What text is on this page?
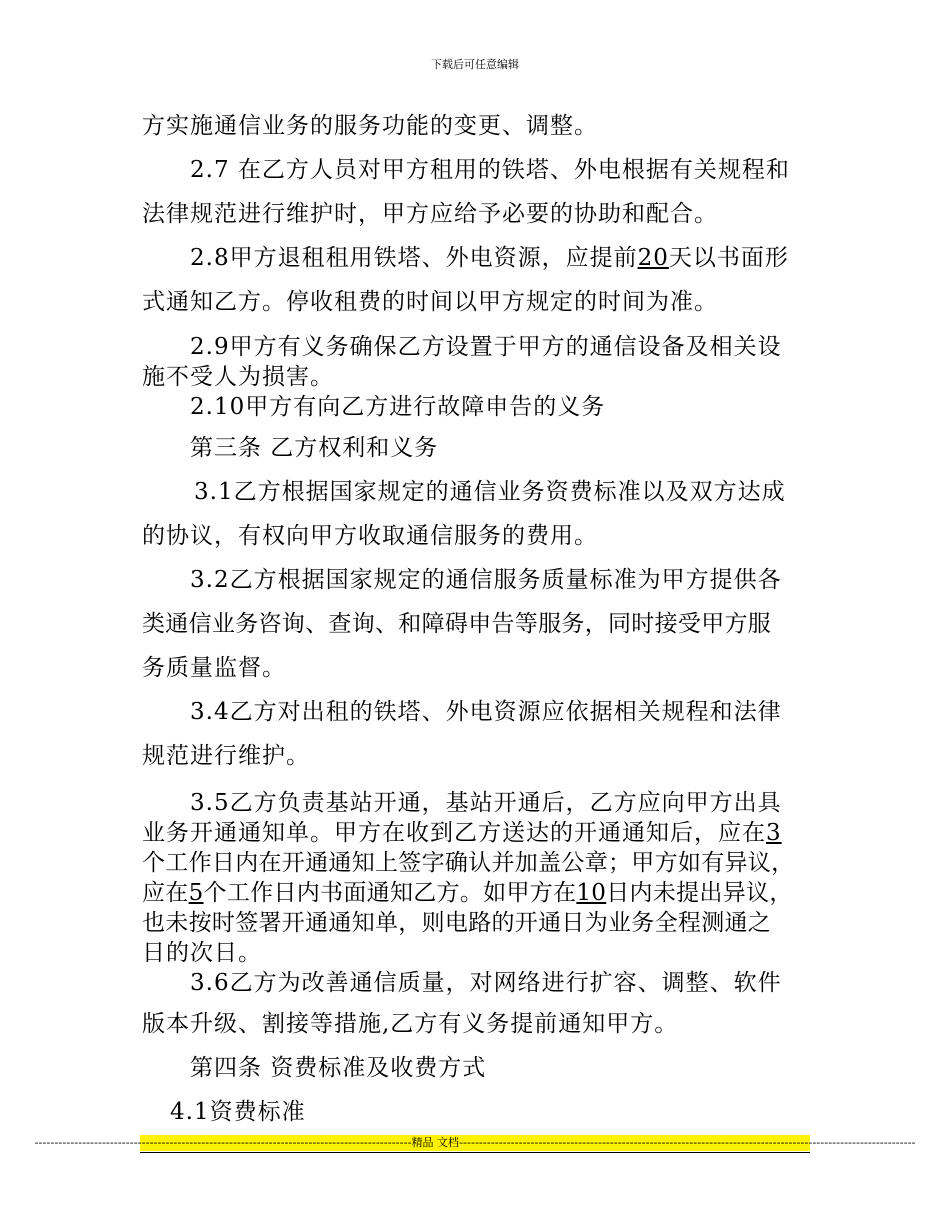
下载后可任意编辑
方实施通信业务的服务功能的变更、调整。
2.7 在乙方人员对甲方租用的铁塔、外电根据有关规程和
法律规范进行维护时，甲方应给予必要的协助和配合。
2.8甲方退租租用铁塔、外电资源，应提前20天以书面形
式通知乙方。停收租费的时间以甲方规定的时间为准。
2.9甲方有义务确保乙方设置于甲方的通信设备及相关设
施不受人为损害。
2.10甲方有向乙方进行故障申告的义务
第三条 乙方权利和义务
3.1乙方根据国家规定的通信业务资费标准以及双方达成
的协议，有权向甲方收取通信服务的费用。
3.2乙方根据国家规定的通信服务质量标准为甲方提供各
类通信业务咨询、查询、和障碍申告等服务，同时接受甲方服
务质量监督。
3.4乙方对出租的铁塔、外电资源应依据相关规程和法律
规范进行维护。
3.5乙方负责基站开通，基站开通后，乙方应向甲方出具
业务开通通知单。甲方在收到乙方送达的开通通知后，应在3
个工作日内在开通通知上签字确认并加盖公章；甲方如有异议，
应在5个工作日内书面通知乙方。如甲方在10日内未提出异议，
也未按时签署开通通知单，则电路的开通日为业务全程测通之
日的次日。
3.6乙方为改善通信质量，对网络进行扩容、调整、软件
版本升级、割接等措施,乙方有义务提前通知甲方。
第四条 资费标准及收费方式
4.1资费标准
----------------------------------------------------------------------------------------------- 精品 文档 -------------------------------------------------------------------------------------------------------------------
